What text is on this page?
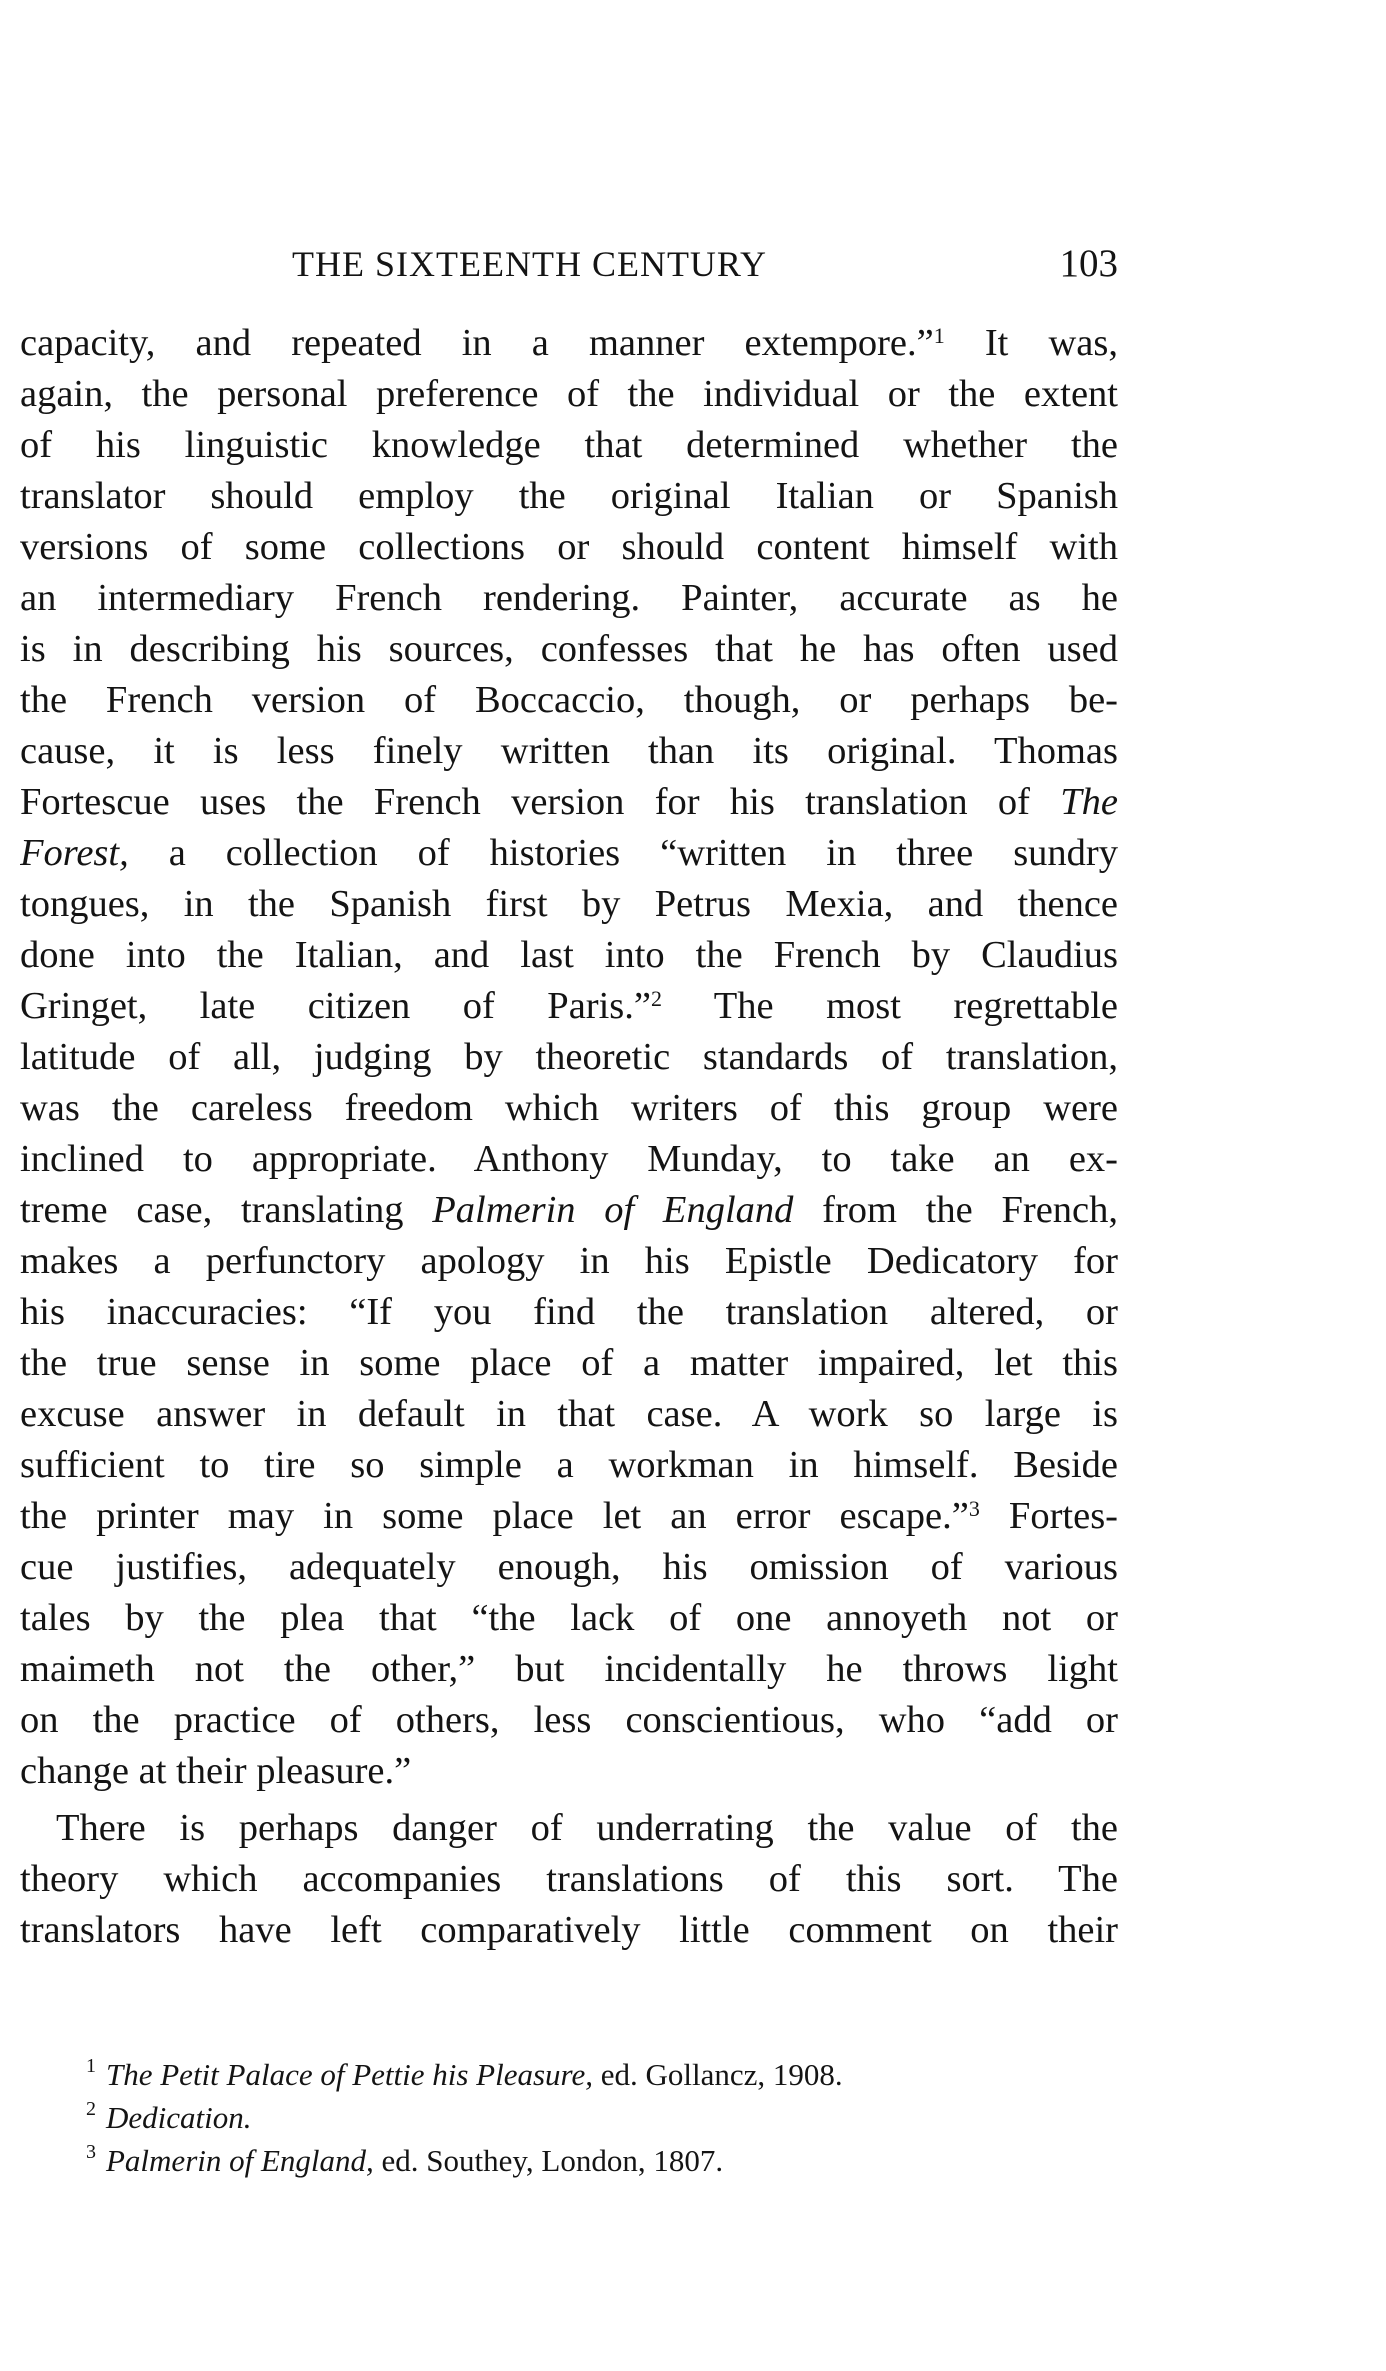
THE SIXTEENTH CENTURY	103
capacity, and repeated in a manner extempore.”$^1$ It was,
again, the personal preference of the individual or the extent
of his linguistic knowledge that determined whether the
translator should employ the original Italian or Spanish
versions of some collections or should content himself with
an intermediary French rendering. Painter, accurate as he
is in describing his sources, confesses that he has often used
the French version of Boccaccio, though, or perhaps be-
cause, it is less finely written than its original. Thomas
Fortescue uses the French version for his translation of The
Forest, a collection of histories “written in three sundry
tongues, in the Spanish first by Petrus Mexia, and thence
done into the Italian, and last into the French by Claudius
Gringet, late citizen of Paris.”$^2$ The most regrettable
latitude of all, judging by theoretic standards of translation,
was the careless freedom which writers of this group were
inclined to appropriate. Anthony Munday, to take an ex-
treme case, translating Palmerin of England from the French,
makes a perfunctory apology in his Epistle Dedicatory for
his inaccuracies: “If you find the translation altered, or
the true sense in some place of a matter impaired, let this
excuse answer in default in that case. A work so large is
sufficient to tire so simple a workman in himself. Beside
the printer may in some place let an error escape.”$^3$ Fortes-
cue justifies, adequately enough, his omission of various
tales by the plea that “the lack of one annoyeth not or
maimeth not the other,” but incidentally he throws light
on the practice of others, less conscientious, who “add or
change at their pleasure.”
There is perhaps danger of underrating the value of the
theory which accompanies translations of this sort. The
translators have left comparatively little comment on their
1 The Petit Palace of Pettie his Pleasure, ed. Gollancz, 1908.
2 Dedication.
3 Palmerin of England, ed. Southey, London, 1807.
